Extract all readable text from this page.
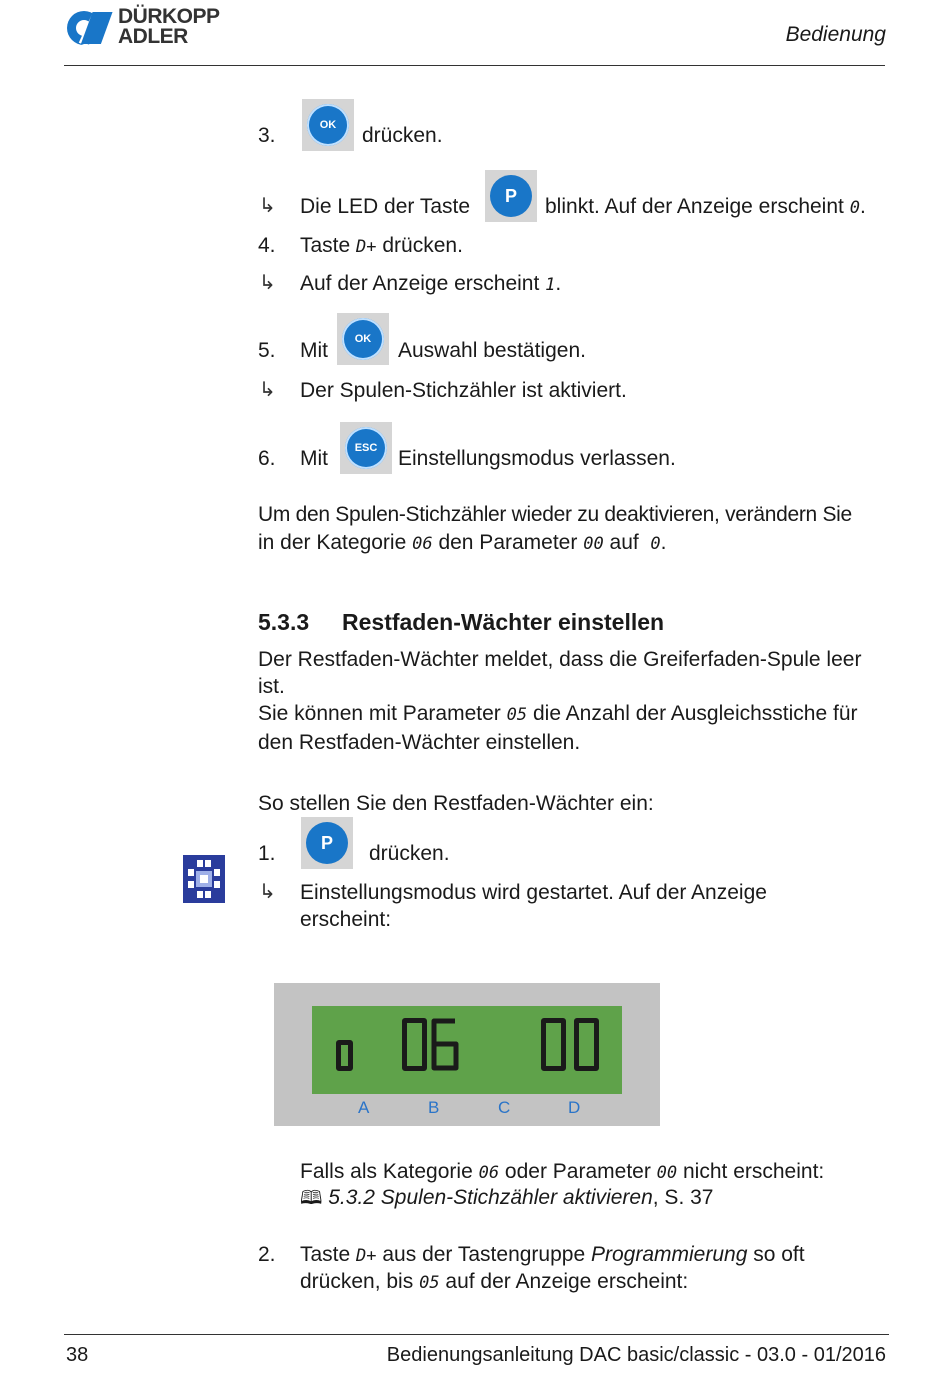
DÜRKOPP
ADLER	Bedienung
3.	OK	drücken.
↳ Die LED der Taste	P	blinkt. Auf der Anzeige erscheint 0.
4. Taste D+ drücken.
↳ Auf der Anzeige erscheint 1.
5. Mit	OK	Auswahl bestätigen.
↳ Der Spulen-Stichzähler ist aktiviert.
6. Mit	ESC Einstellungsmodus verlassen.
Um den Spulen-Stichzähler wieder zu deaktivieren, verändern Sie
in der Kategorie 06 den Parameter 00 auf 0.
5.3.3 Restfaden-Wächter einstellen
Der Restfaden-Wächter meldet, dass die Greiferfaden-Spule leer ist.
Sie können mit Parameter 05 die Anzahl der Ausgleichsstiche für den Restfaden-Wächter einstellen.
So stellen Sie den Restfaden-Wächter ein:
1.	P	drücken.
↳ Einstellungsmodus wird gestartet. Auf der Anzeige erscheint:
A	B	C	D
Falls als Kategorie 06 oder Parameter 00 nicht erscheint:
🕮 5.3.2 Spulen-Stichzähler aktivieren, S. 37
2. Taste D+ aus der Tastengruppe Programmierung so oft
drücken, bis 05 auf der Anzeige erscheint:
38	Bedienungsanleitung DAC basic/classic - 03.0 - 01/2016
